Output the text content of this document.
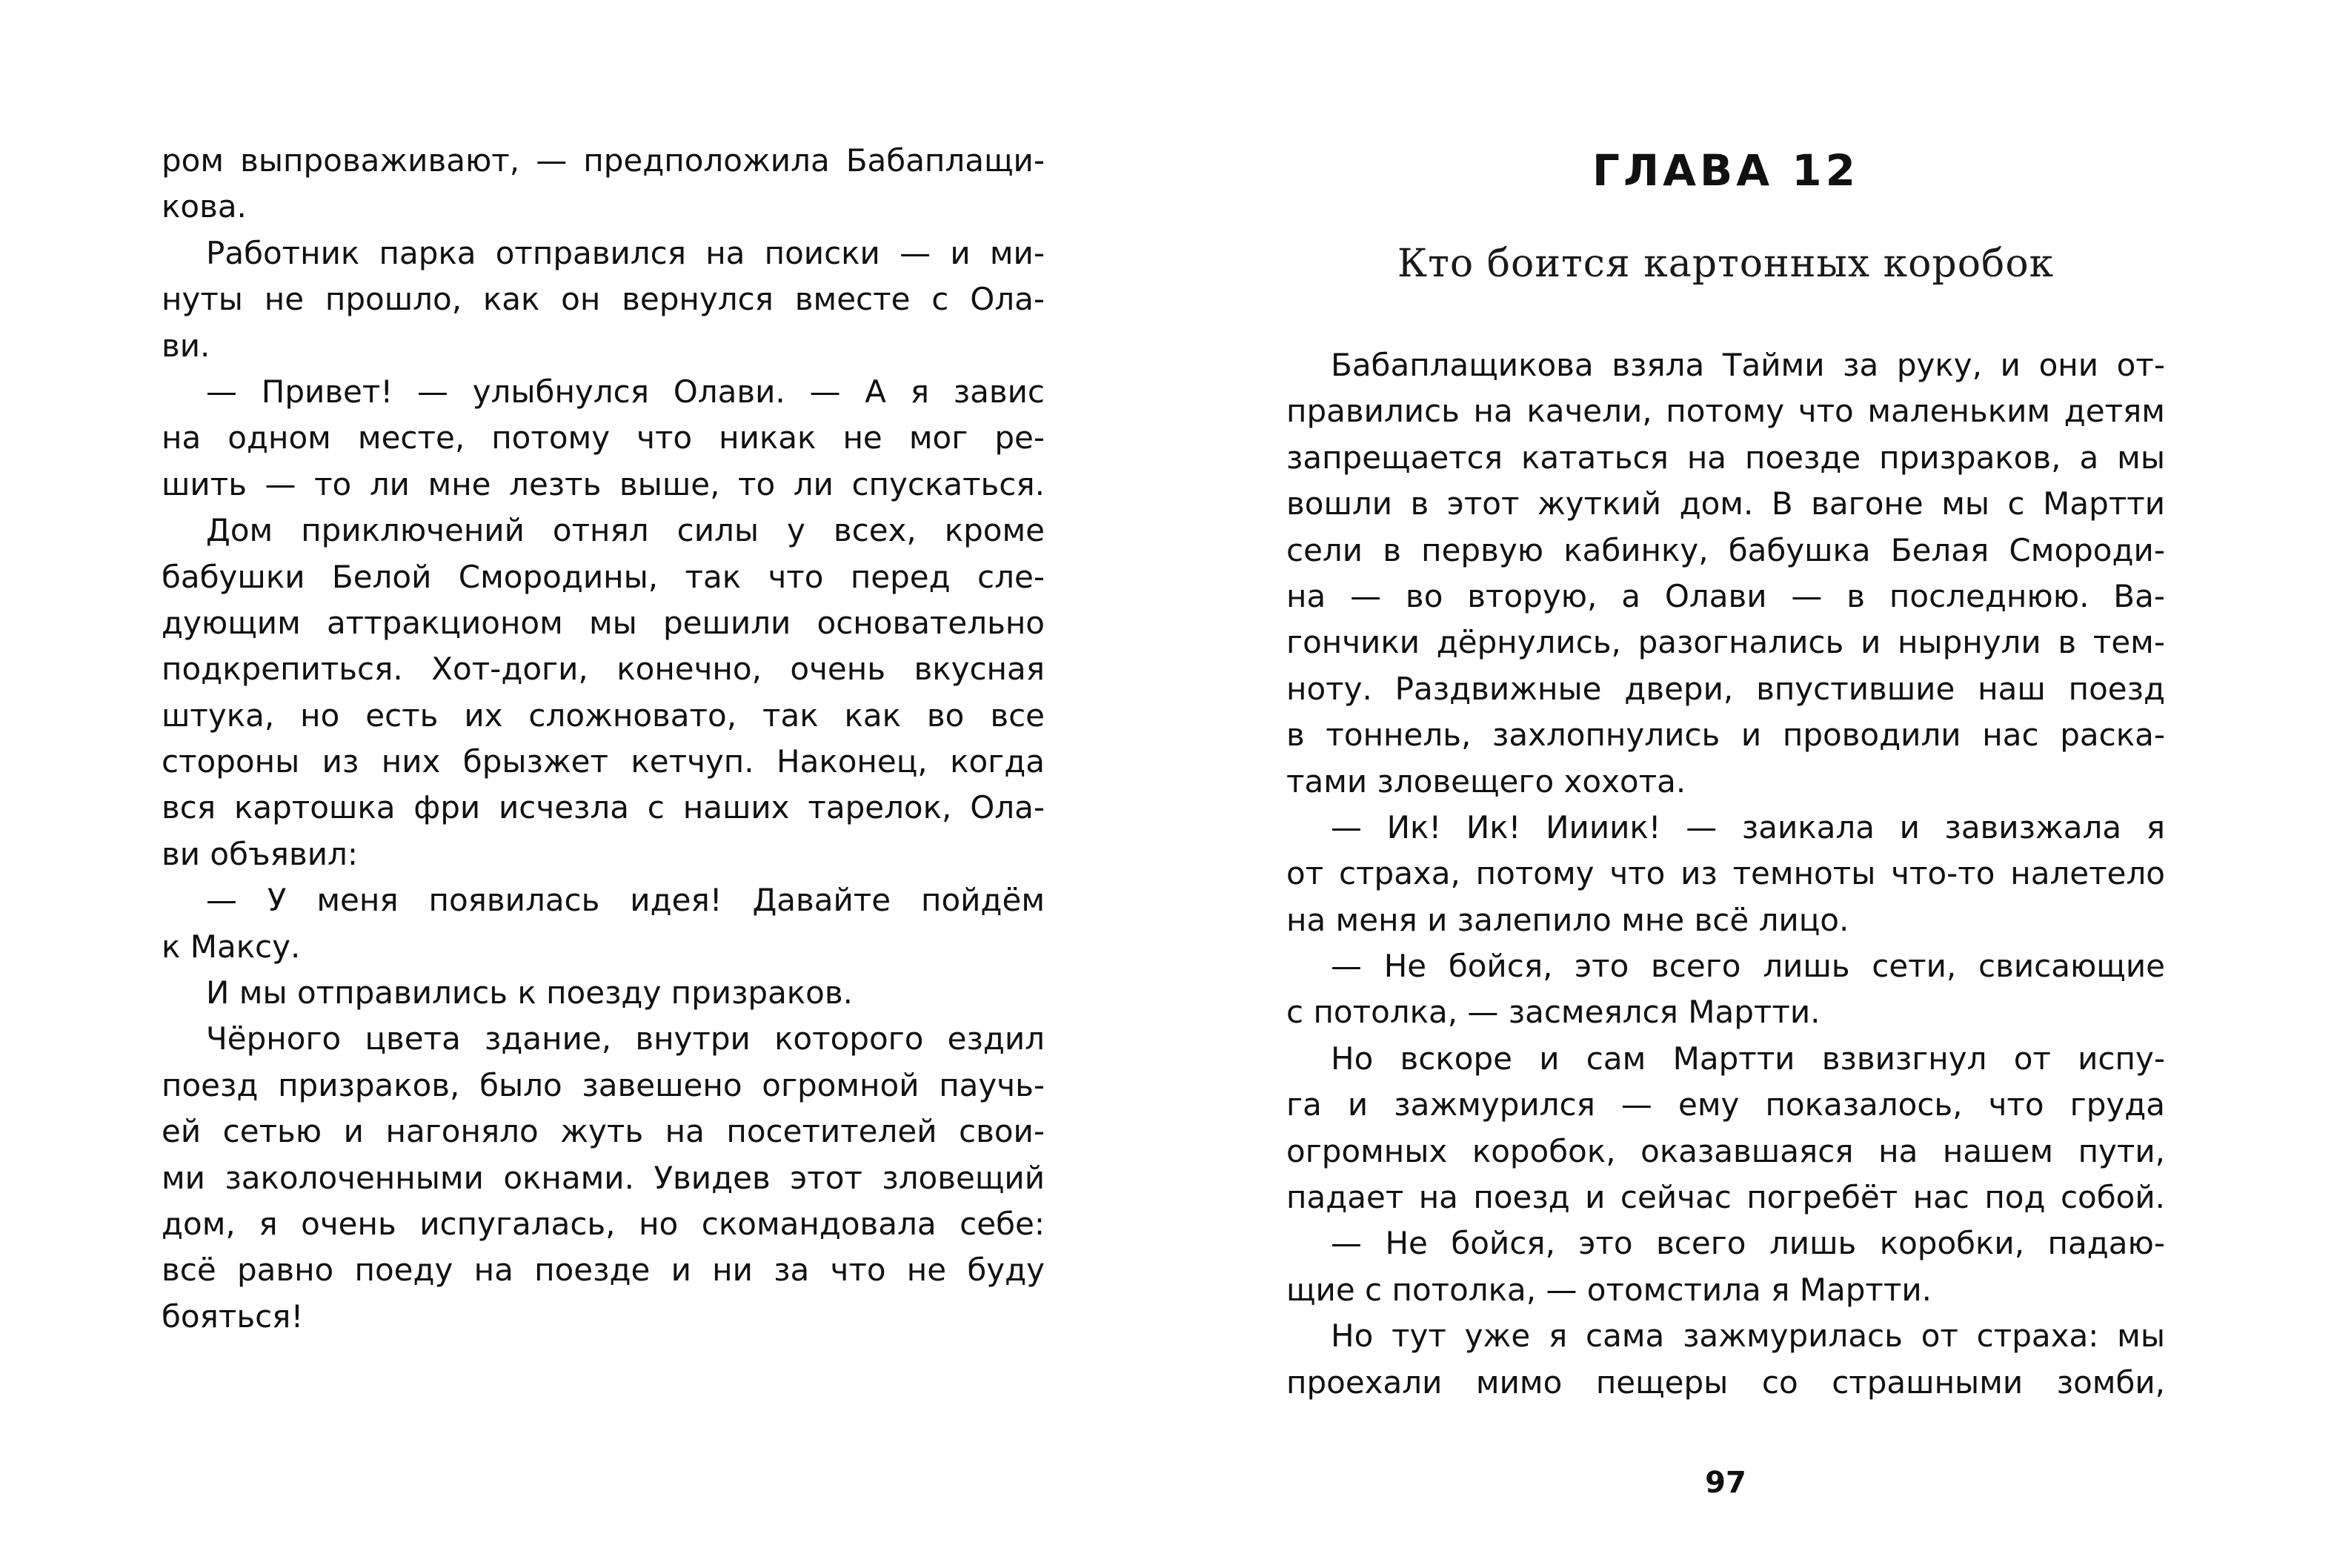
ром выпроваживают, — предположила Бабаплащи-
кова.
Работник парка отправился на поиски — и ми-
нуты не прошло, как он вернулся вместе с Ола-
ви.
— Привет! — улыбнулся Олави. — А я завис
на одном месте, потому что никак не мог ре-
шить — то ли мне лезть выше, то ли спускаться.
Дом приключений отнял силы у всех, кроме
бабушки Белой Смородины, так что перед сле-
дующим аттракционом мы решили основательно
подкрепиться. Хот-доги, конечно, очень вкусная
штука, но есть их сложновато, так как во все
стороны из них брызжет кетчуп. Наконец, когда
вся картошка фри исчезла с наших тарелок, Ола-
ви объявил:
— У меня появилась идея! Давайте пойдём
к Максу.
И мы отправились к поезду призраков.
Чёрного цвета здание, внутри которого ездил
поезд призраков, было завешено огромной паучь-
ей сетью и нагоняло жуть на посетителей свои-
ми заколоченными окнами. Увидев этот зловещий
дом, я очень испугалась, но скомандовала себе:
всё равно поеду на поезде и ни за что не буду
бояться!
ГЛАВА 12
Кто боится картонных коробок
Бабаплащикова взяла Тайми за руку, и они от-
правились на качели, потому что маленьким детям
запрещается кататься на поезде призраков, а мы
вошли в этот жуткий дом. В вагоне мы с Мартти
сели в первую кабинку, бабушка Белая Смороди-
на — во вторую, а Олави — в последнюю. Ва-
гончики дёрнулись, разогнались и нырнули в тем-
ноту. Раздвижные двери, впустившие наш поезд
в тоннель, захлопнулись и проводили нас раска-
тами зловещего хохота.
— Ик! Ик! Иииик! — заикала и завизжала я
от страха, потому что из темноты что-то налетело
на меня и залепило мне всё лицо.
— Не бойся, это всего лишь сети, свисающие
с потолка, — засмеялся Мартти.
Но вскоре и сам Мартти взвизгнул от испу-
га и зажмурился — ему показалось, что груда
огромных коробок, оказавшаяся на нашем пути,
падает на поезд и сейчас погребёт нас под собой.
— Не бойся, это всего лишь коробки, падаю-
щие с потолка, — отомстила я Мартти.
Но тут уже я сама зажмурилась от страха: мы
проехали мимо пещеры со страшными зомби,
97
